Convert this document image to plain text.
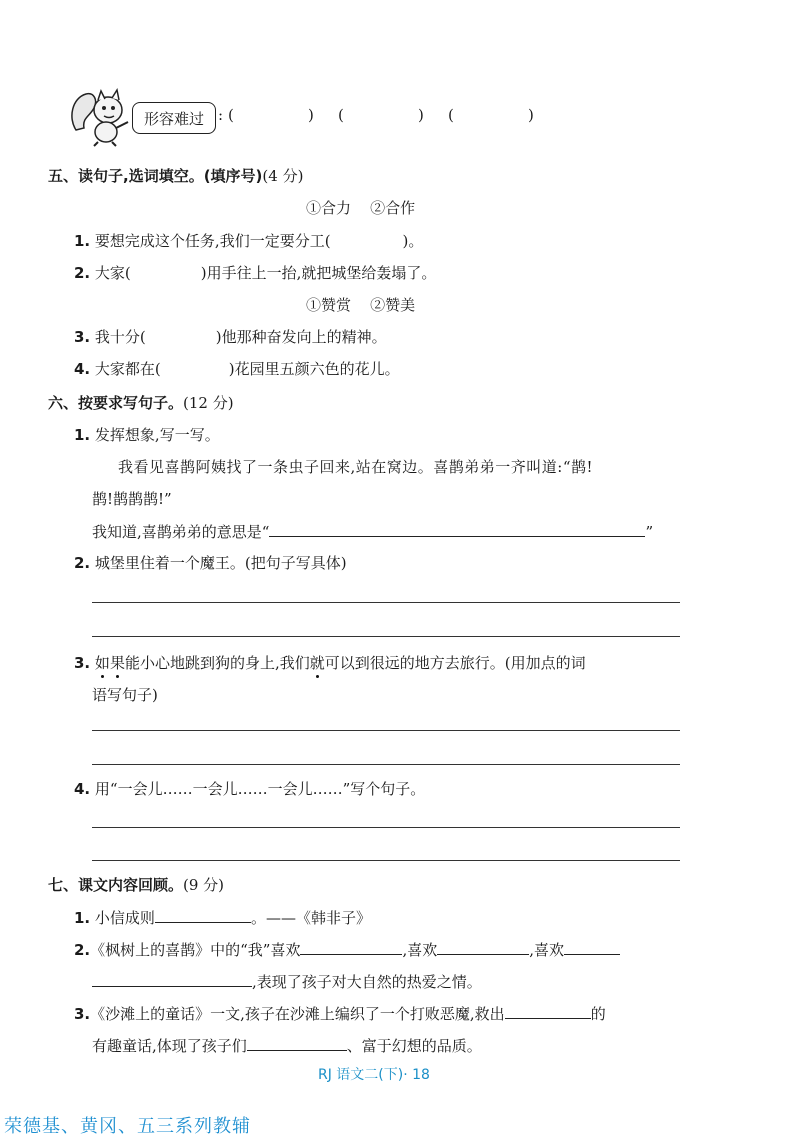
形容难过 : (	) (	) (	)
五、读句子,选词填空。(填序号)(4 分)
①合力    ②合作
1. 要想完成这个任务,我们一定要分工(	)。
2. 大家(	)用手往上一抬,就把城堡给轰塌了。
①赞赏    ②赞美
3. 我十分(	)他那种奋发向上的精神。
4. 大家都在(	)花园里五颜六色的花儿。
六、按要求写句子。(12 分)
1. 发挥想象,写一写。
我看见喜鹊阿姨找了一条虫子回来,站在窝边。喜鹊弟弟一齐叫道:“鹊!
鹊!鹊鹊鹊!”
我知道,喜鹊弟弟的意思是“	”
2. 城堡里住着一个魔王。(把句子写具体)
3. 如果能小心地跳到狗的身上,我们就可以到很远的地方去旅行。(用加点的词
语写句子)
4. 用“一会儿……一会儿……一会儿……”写个句子。
七、课文内容回顾。(9 分)
1. 小信成则	。——《韩非子》
2.《枫树上的喜鹊》中的“我”喜欢	,喜欢	,喜欢
,表现了孩子对大自然的热爱之情。
3.《沙滩上的童话》一文,孩子在沙滩上编织了一个打败恶魔,救出	的
有趣童话,体现了孩子们	、富于幻想的品质。
RJ 语文二(下)· 18
荣德基、黄冈、五三系列教辅
